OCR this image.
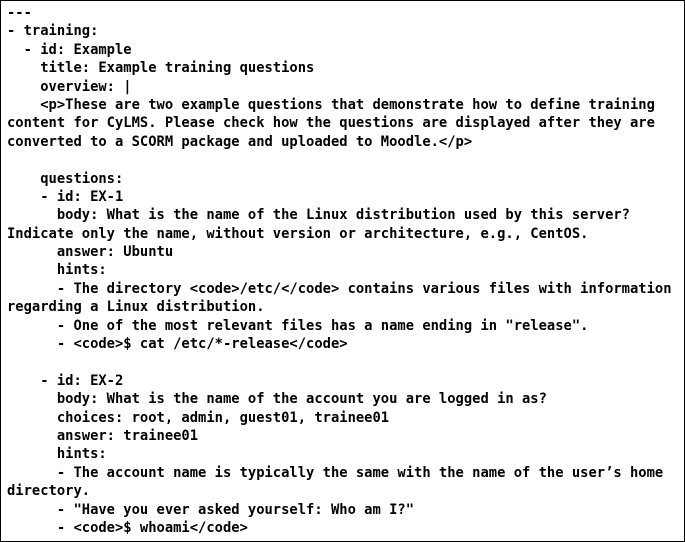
---
- training:
- id: Example
title: Example training questions
overview: |
<p>These are two example questions that demonstrate how to define training
content for CyLMS. Please check how the questions are displayed after they are
converted to a SCORM package and uploaded to Moodle.</p>
questions:
- id: EX-1
body: What is the name of the Linux distribution used by this server?
Indicate only the name, without version or architecture, e.g., CentOS.
answer: Ubuntu
hints:
- The directory <code>/etc/</code> contains various files with information
regarding a Linux distribution.
- One of the most relevant files has a name ending in "release".
- <code>$ cat /etc/*-release</code>
- id: EX-2
body: What is the name of the account you are logged in as?
choices: root, admin, guest01, trainee01
answer: trainee01
hints:
- The account name is typically the same with the name of the user’s home
directory.
- "Have you ever asked yourself: Who am I?"
- <code>$ whoami</code>
